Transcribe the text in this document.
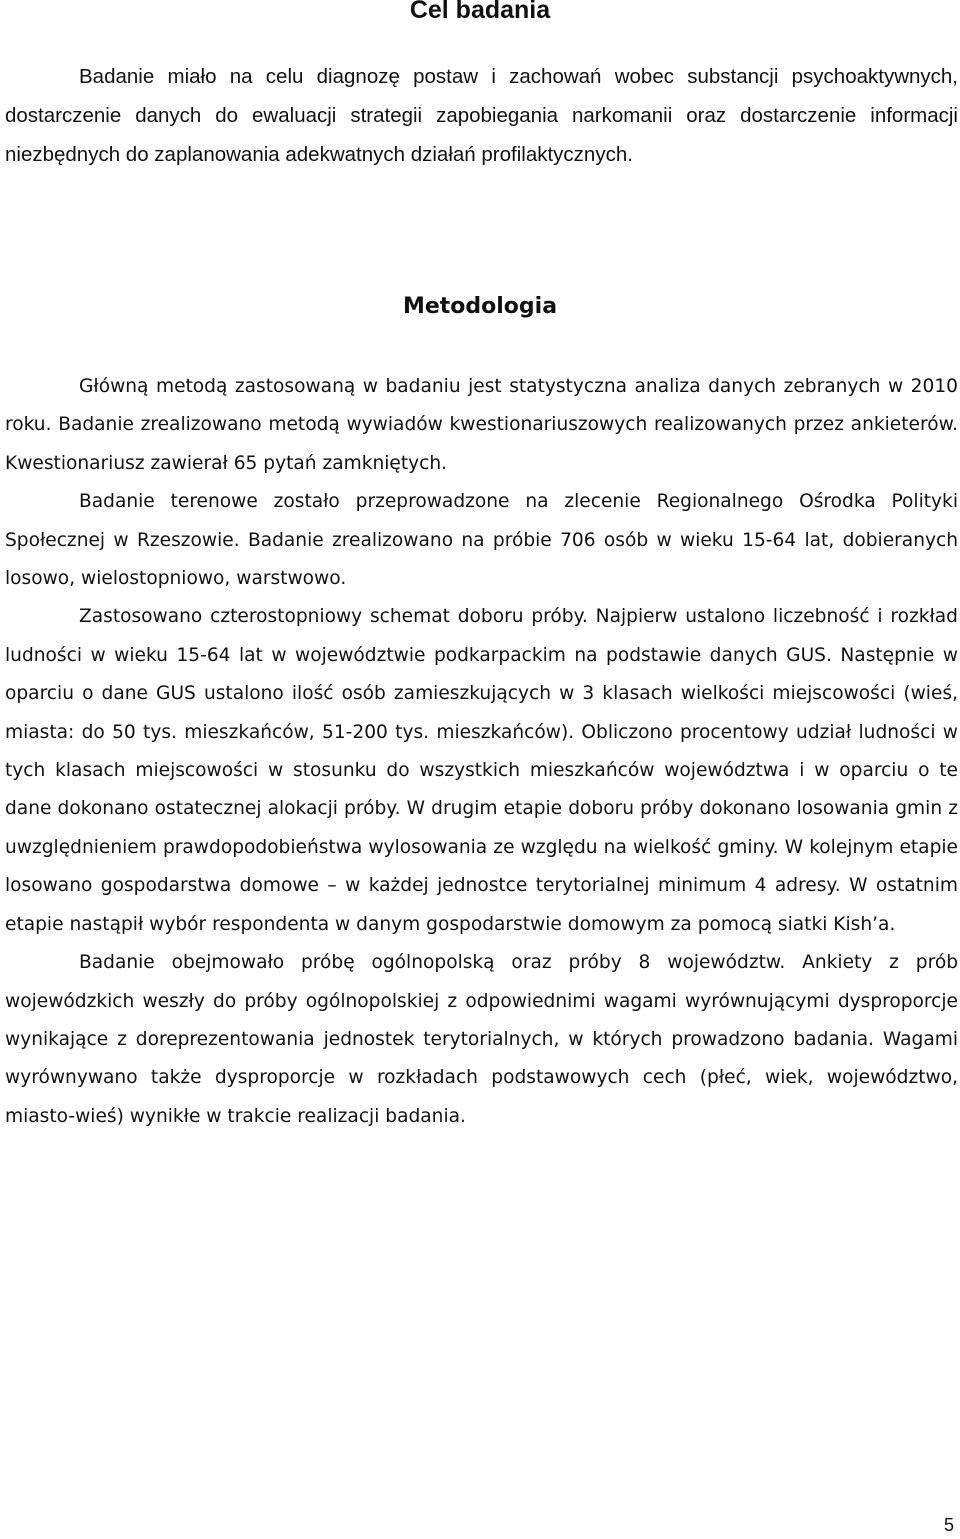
Cel badania

Badanie miało na celu diagnozę postaw i zachowań wobec substancji psychoaktywnych, dostarczenie danych do ewaluacji strategii zapobiegania narkomanii oraz dostarczenie informacji niezbędnych do zaplanowania adekwatnych działań profilaktycznych.

Metodologia

Główną metodą zastosowaną w badaniu jest statystyczna analiza danych zebranych w 2010 roku. Badanie zrealizowano metodą wywiadów kwestionariuszowych realizowanych przez ankieterów. Kwestionariusz zawierał 65 pytań zamkniętych.

Badanie terenowe zostało przeprowadzone na zlecenie Regionalnego Ośrodka Polityki Społecznej w Rzeszowie. Badanie zrealizowano na próbie 706 osób w wieku 15-64 lat, dobieranych losowo, wielostopniowo, warstwowo.

Zastosowano czterostopniowy schemat doboru próby. Najpierw ustalono liczebność i rozkład ludności w wieku 15-64 lat w województwie podkarpackim na podstawie danych GUS. Następnie w oparciu o dane GUS ustalono ilość osób zamieszkujących w 3 klasach wielkości miejscowości (wieś, miasta: do 50 tys. mieszkańców, 51-200 tys. mieszkańców). Obliczono procentowy udział ludności w tych klasach miejscowości w stosunku do wszystkich mieszkańców województwa i w oparciu o te dane dokonano ostatecznej alokacji próby. W drugim etapie doboru próby dokonano losowania gmin z uwzględnieniem prawdopodobieństwa wylosowania ze względu na wielkość gminy. W kolejnym etapie losowano gospodarstwa domowe – w każdej jednostce terytorialnej minimum 4 adresy. W ostatnim etapie nastąpił wybór respondenta w danym gospodarstwie domowym za pomocą siatki Kish’a.

Badanie obejmowało próbę ogólnopolską oraz próby 8 województw. Ankiety z prób wojewódzkich weszły do próby ogólnopolskiej z odpowiednimi wagami wyrównującymi dysproporcje wynikające z doreprezentowania jednostek terytorialnych, w których prowadzono badania. Wagami wyrównywano także dysproporcje w rozkładach podstawowych cech (płeć, wiek, województwo, miasto-wieś) wynikłe w trakcie realizacji badania.

5
